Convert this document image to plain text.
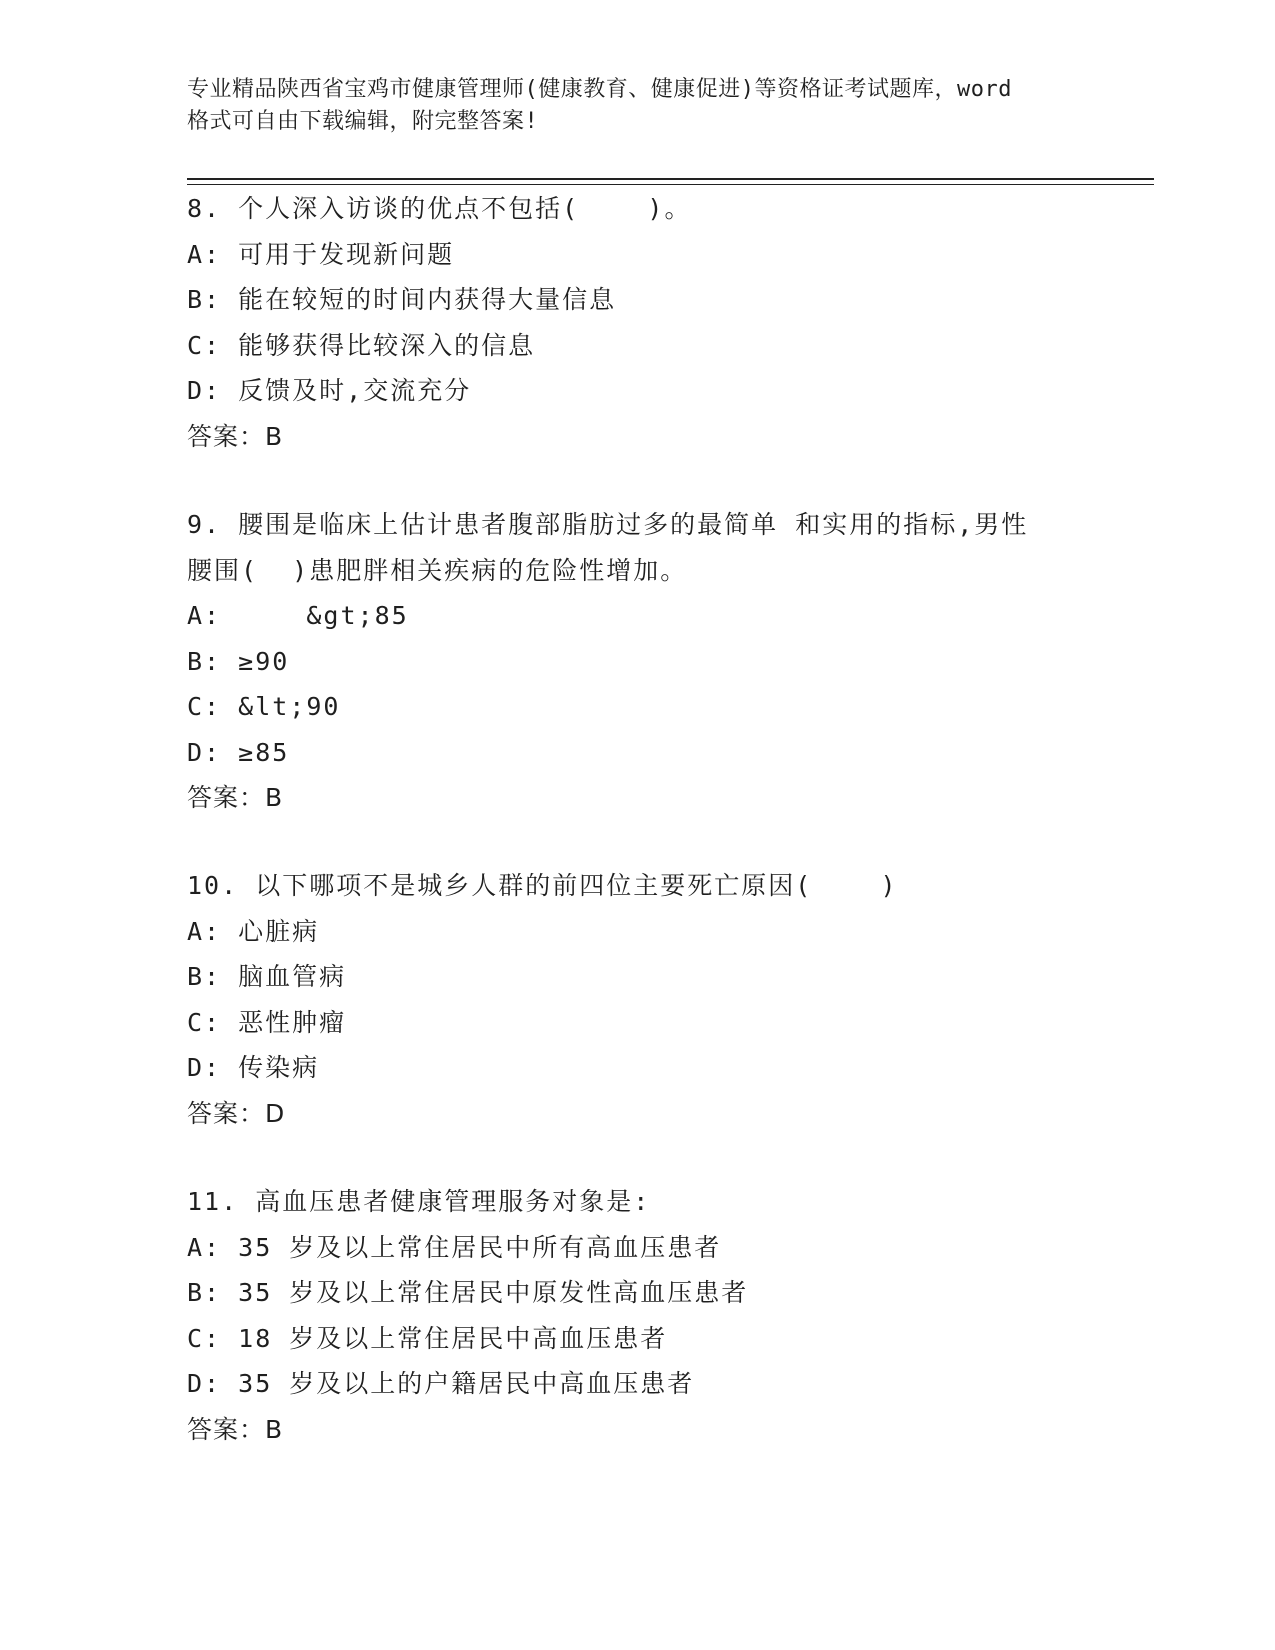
专业精品陕西省宝鸡市健康管理师(健康教育、健康促进)等资格证考试题库，word
格式可自由下载编辑，附完整答案!
8. 个人深入访谈的优点不包括(    )。
A: 可用于发现新问题
B: 能在较短的时间内获得大量信息
C: 能够获得比较深入的信息
D: 反馈及时,交流充分
答案：B
9. 腰围是临床上估计患者腹部脂肪过多的最简单 和实用的指标,男性
腰围(  )患肥胖相关疾病的危险性增加。
A:     &gt;85
B: ≥90
C: &lt;90
D: ≥85
答案：B
10. 以下哪项不是城乡人群的前四位主要死亡原因(    )
A: 心脏病
B: 脑血管病
C: 恶性肿瘤
D: 传染病
答案：D
11. 高血压患者健康管理服务对象是:
A: 35 岁及以上常住居民中所有高血压患者
B: 35 岁及以上常住居民中原发性高血压患者
C: 18 岁及以上常住居民中高血压患者
D: 35 岁及以上的户籍居民中高血压患者
答案：B
